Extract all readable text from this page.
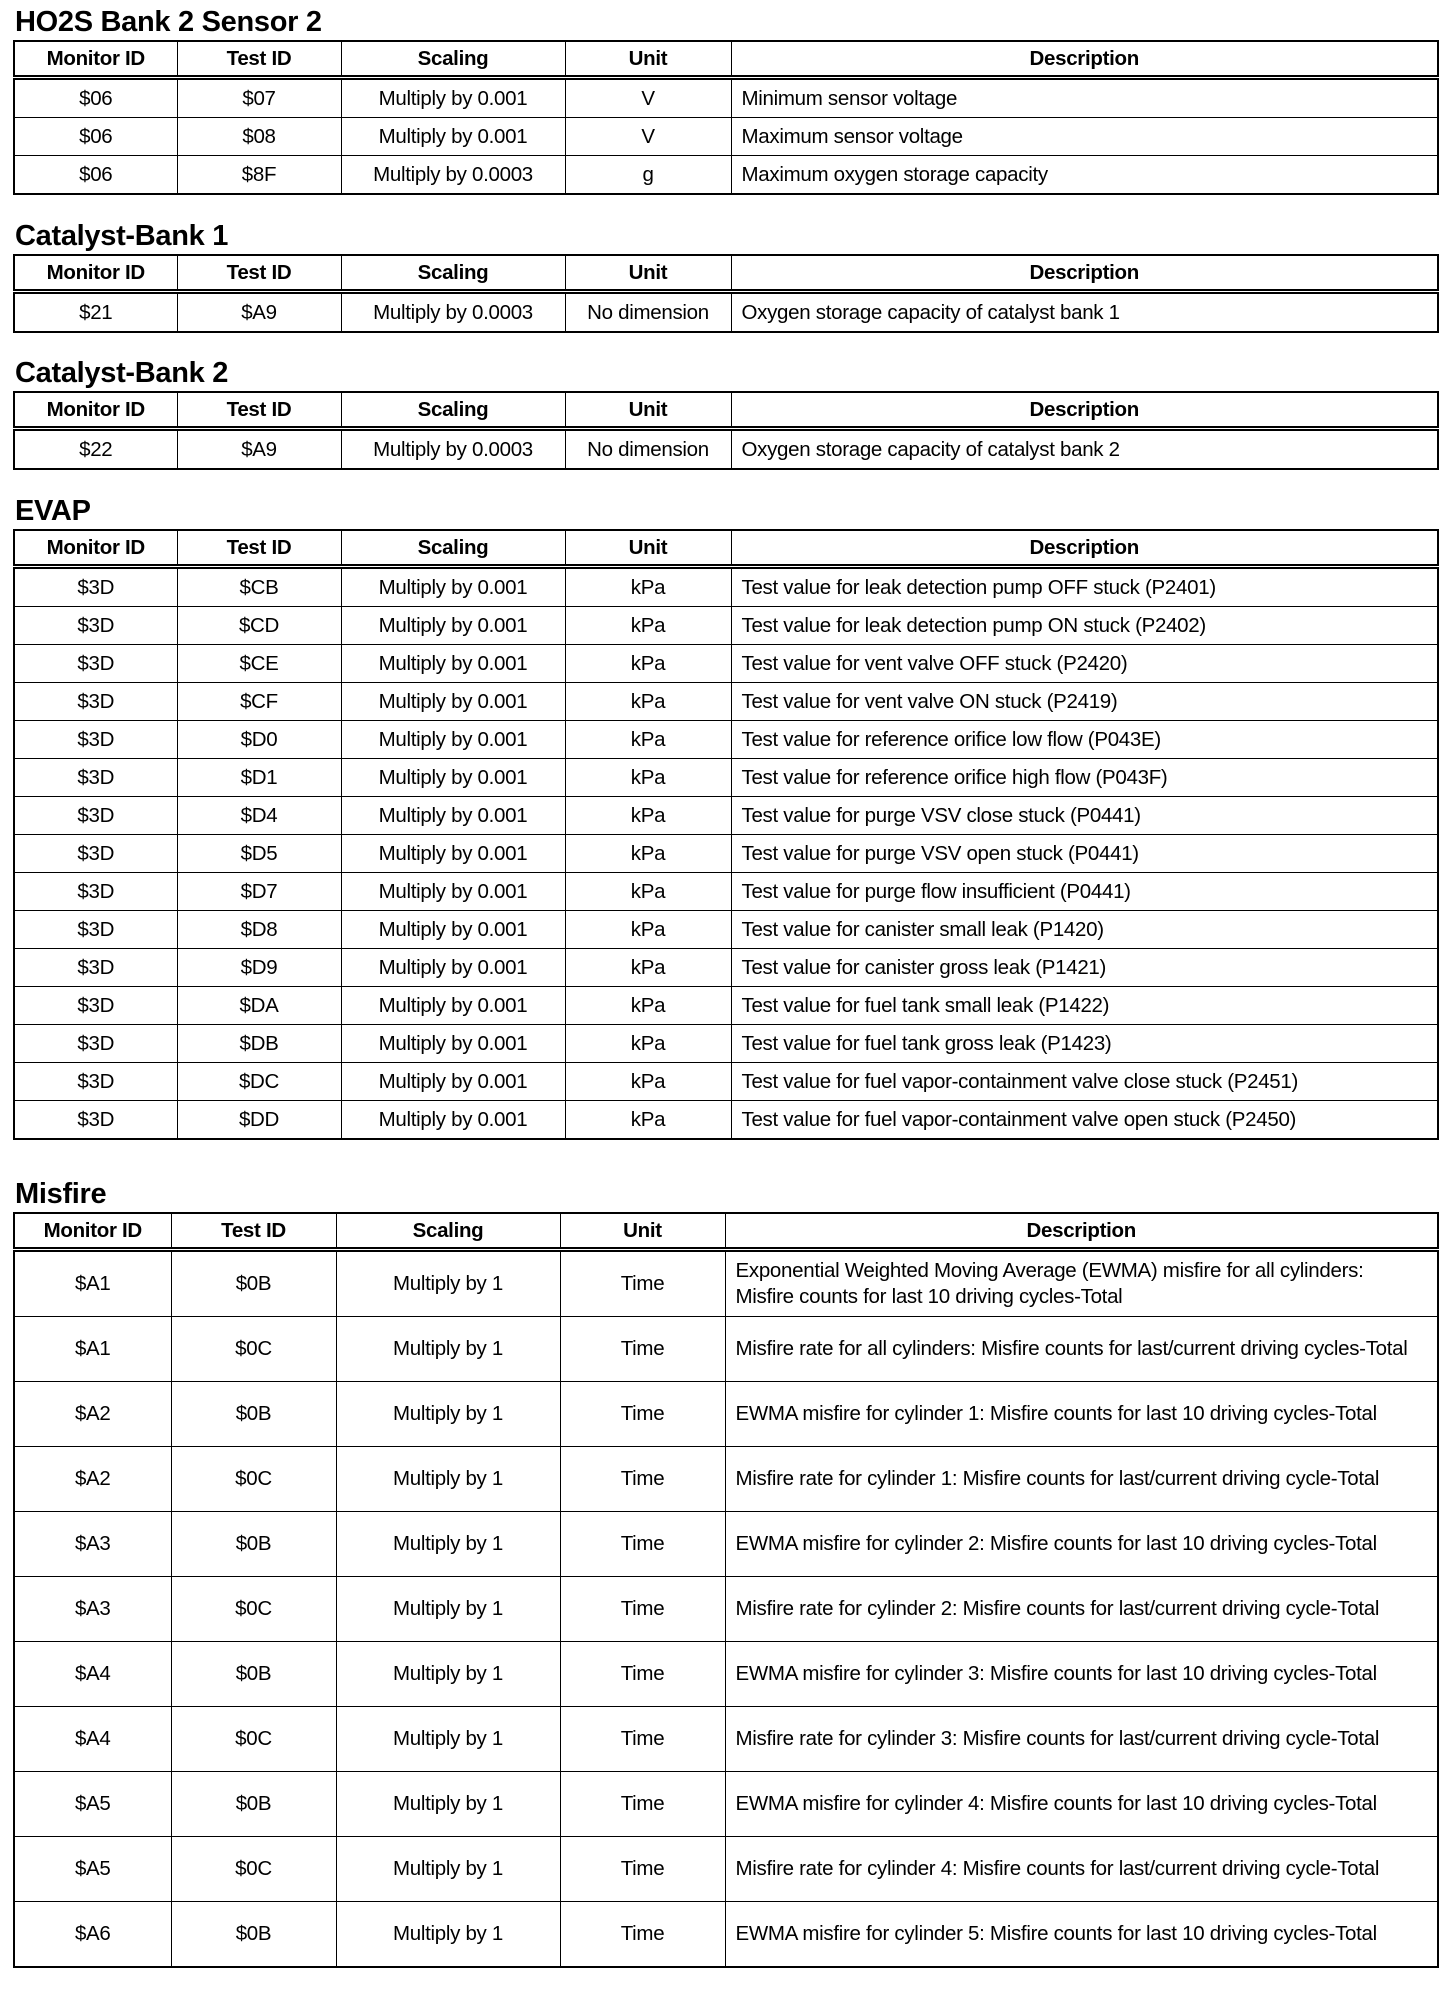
HO2S Bank 2 Sensor 2
Monitor ID	Test ID	Scaling	Unit	Description
$06	$07	Multiply by 0.001	V	Minimum sensor voltage
$06	$08	Multiply by 0.001	V	Maximum sensor voltage
$06	$8F	Multiply by 0.0003	g	Maximum oxygen storage capacity
Catalyst-Bank 1
Monitor ID	Test ID	Scaling	Unit	Description
$21	$A9	Multiply by 0.0003	No dimension	Oxygen storage capacity of catalyst bank 1
Catalyst-Bank 2
Monitor ID	Test ID	Scaling	Unit	Description
$22	$A9	Multiply by 0.0003	No dimension	Oxygen storage capacity of catalyst bank 2
EVAP
Monitor ID	Test ID	Scaling	Unit	Description
$3D	$CB	Multiply by 0.001	kPa	Test value for leak detection pump OFF stuck (P2401)
$3D	$CD	Multiply by 0.001	kPa	Test value for leak detection pump ON stuck (P2402)
$3D	$CE	Multiply by 0.001	kPa	Test value for vent valve OFF stuck (P2420)
$3D	$CF	Multiply by 0.001	kPa	Test value for vent valve ON stuck (P2419)
$3D	$D0	Multiply by 0.001	kPa	Test value for reference orifice low flow (P043E)
$3D	$D1	Multiply by 0.001	kPa	Test value for reference orifice high flow (P043F)
$3D	$D4	Multiply by 0.001	kPa	Test value for purge VSV close stuck (P0441)
$3D	$D5	Multiply by 0.001	kPa	Test value for purge VSV open stuck (P0441)
$3D	$D7	Multiply by 0.001	kPa	Test value for purge flow insufficient (P0441)
$3D	$D8	Multiply by 0.001	kPa	Test value for canister small leak (P1420)
$3D	$D9	Multiply by 0.001	kPa	Test value for canister gross leak (P1421)
$3D	$DA	Multiply by 0.001	kPa	Test value for fuel tank small leak (P1422)
$3D	$DB	Multiply by 0.001	kPa	Test value for fuel tank gross leak (P1423)
$3D	$DC	Multiply by 0.001	kPa	Test value for fuel vapor-containment valve close stuck (P2451)
$3D	$DD	Multiply by 0.001	kPa	Test value for fuel vapor-containment valve open stuck (P2450)
Misfire
Monitor ID	Test ID	Scaling	Unit	Description
$A1	$0B	Multiply by 1	Time	Exponential Weighted Moving Average (EWMA) misfire for all cylinders: Misfire counts for last 10 driving cycles-Total
$A1	$0C	Multiply by 1	Time	Misfire rate for all cylinders: Misfire counts for last/current driving cycles-Total
$A2	$0B	Multiply by 1	Time	EWMA misfire for cylinder 1: Misfire counts for last 10 driving cycles-Total
$A2	$0C	Multiply by 1	Time	Misfire rate for cylinder 1: Misfire counts for last/current driving cycle-Total
$A3	$0B	Multiply by 1	Time	EWMA misfire for cylinder 2: Misfire counts for last 10 driving cycles-Total
$A3	$0C	Multiply by 1	Time	Misfire rate for cylinder 2: Misfire counts for last/current driving cycle-Total
$A4	$0B	Multiply by 1	Time	EWMA misfire for cylinder 3: Misfire counts for last 10 driving cycles-Total
$A4	$0C	Multiply by 1	Time	Misfire rate for cylinder 3: Misfire counts for last/current driving cycle-Total
$A5	$0B	Multiply by 1	Time	EWMA misfire for cylinder 4: Misfire counts for last 10 driving cycles-Total
$A5	$0C	Multiply by 1	Time	Misfire rate for cylinder 4: Misfire counts for last/current driving cycle-Total
$A6	$0B	Multiply by 1	Time	EWMA misfire for cylinder 5: Misfire counts for last 10 driving cycles-Total
